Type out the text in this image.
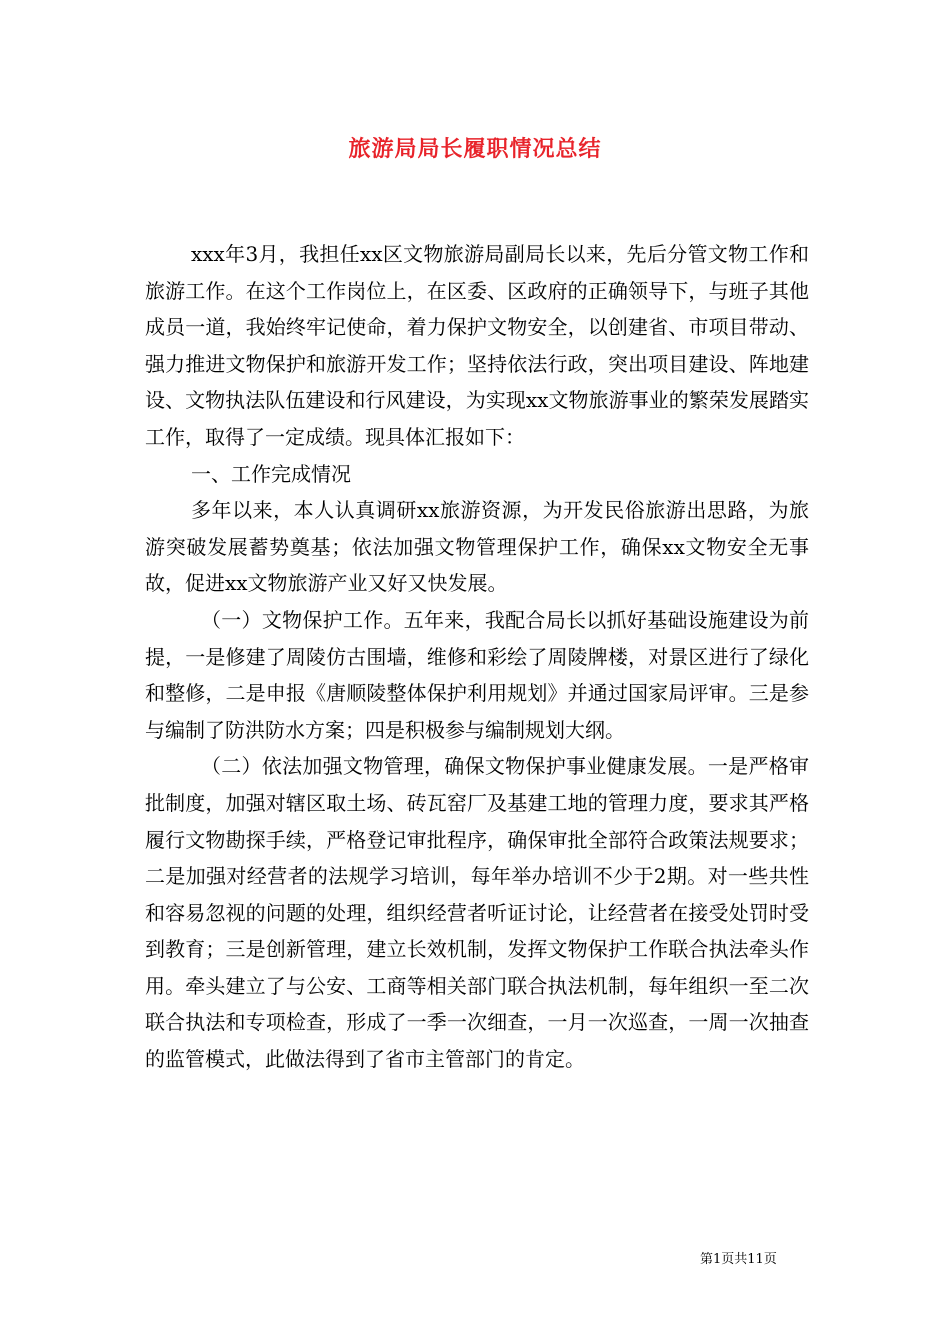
旅游局局长履职情况总结

xxx年3月，我担任xx区文物旅游局副局长以来，先后分管文物工作和旅游工作。在这个工作岗位上，在区委、区政府的正确领导下，与班子其他成员一道，我始终牢记使命，着力保护文物安全，以创建省、市项目带动、强力推进文物保护和旅游开发工作；坚持依法行政，突出项目建设、阵地建设、文物执法队伍建设和行风建设，为实现xx文物旅游事业的繁荣发展踏实工作，取得了一定成绩。现具体汇报如下：

一、工作完成情况

多年以来，本人认真调研xx旅游资源，为开发民俗旅游出思路，为旅游突破发展蓄势奠基；依法加强文物管理保护工作，确保xx文物安全无事故，促进xx文物旅游产业又好又快发展。

（一）文物保护工作。五年来，我配合局长以抓好基础设施建设为前提，一是修建了周陵仿古围墙，维修和彩绘了周陵牌楼，对景区进行了绿化和整修，二是申报《唐顺陵整体保护利用规划》并通过国家局评审。三是参与编制了防洪防水方案；四是积极参与编制规划大纲。

（二）依法加强文物管理，确保文物保护事业健康发展。一是严格审批制度，加强对辖区取土场、砖瓦窑厂及基建工地的管理力度，要求其严格履行文物勘探手续，严格登记审批程序，确保审批全部符合政策法规要求；二是加强对经营者的法规学习培训，每年举办培训不少于2期。对一些共性和容易忽视的问题的处理，组织经营者听证讨论，让经营者在接受处罚时受到教育；三是创新管理，建立长效机制，发挥文物保护工作联合执法牵头作用。牵头建立了与公安、工商等相关部门联合执法机制，每年组织一至二次联合执法和专项检查，形成了一季一次细查，一月一次巡查，一周一次抽查的监管模式，此做法得到了省市主管部门的肯定。

第1页共11页
